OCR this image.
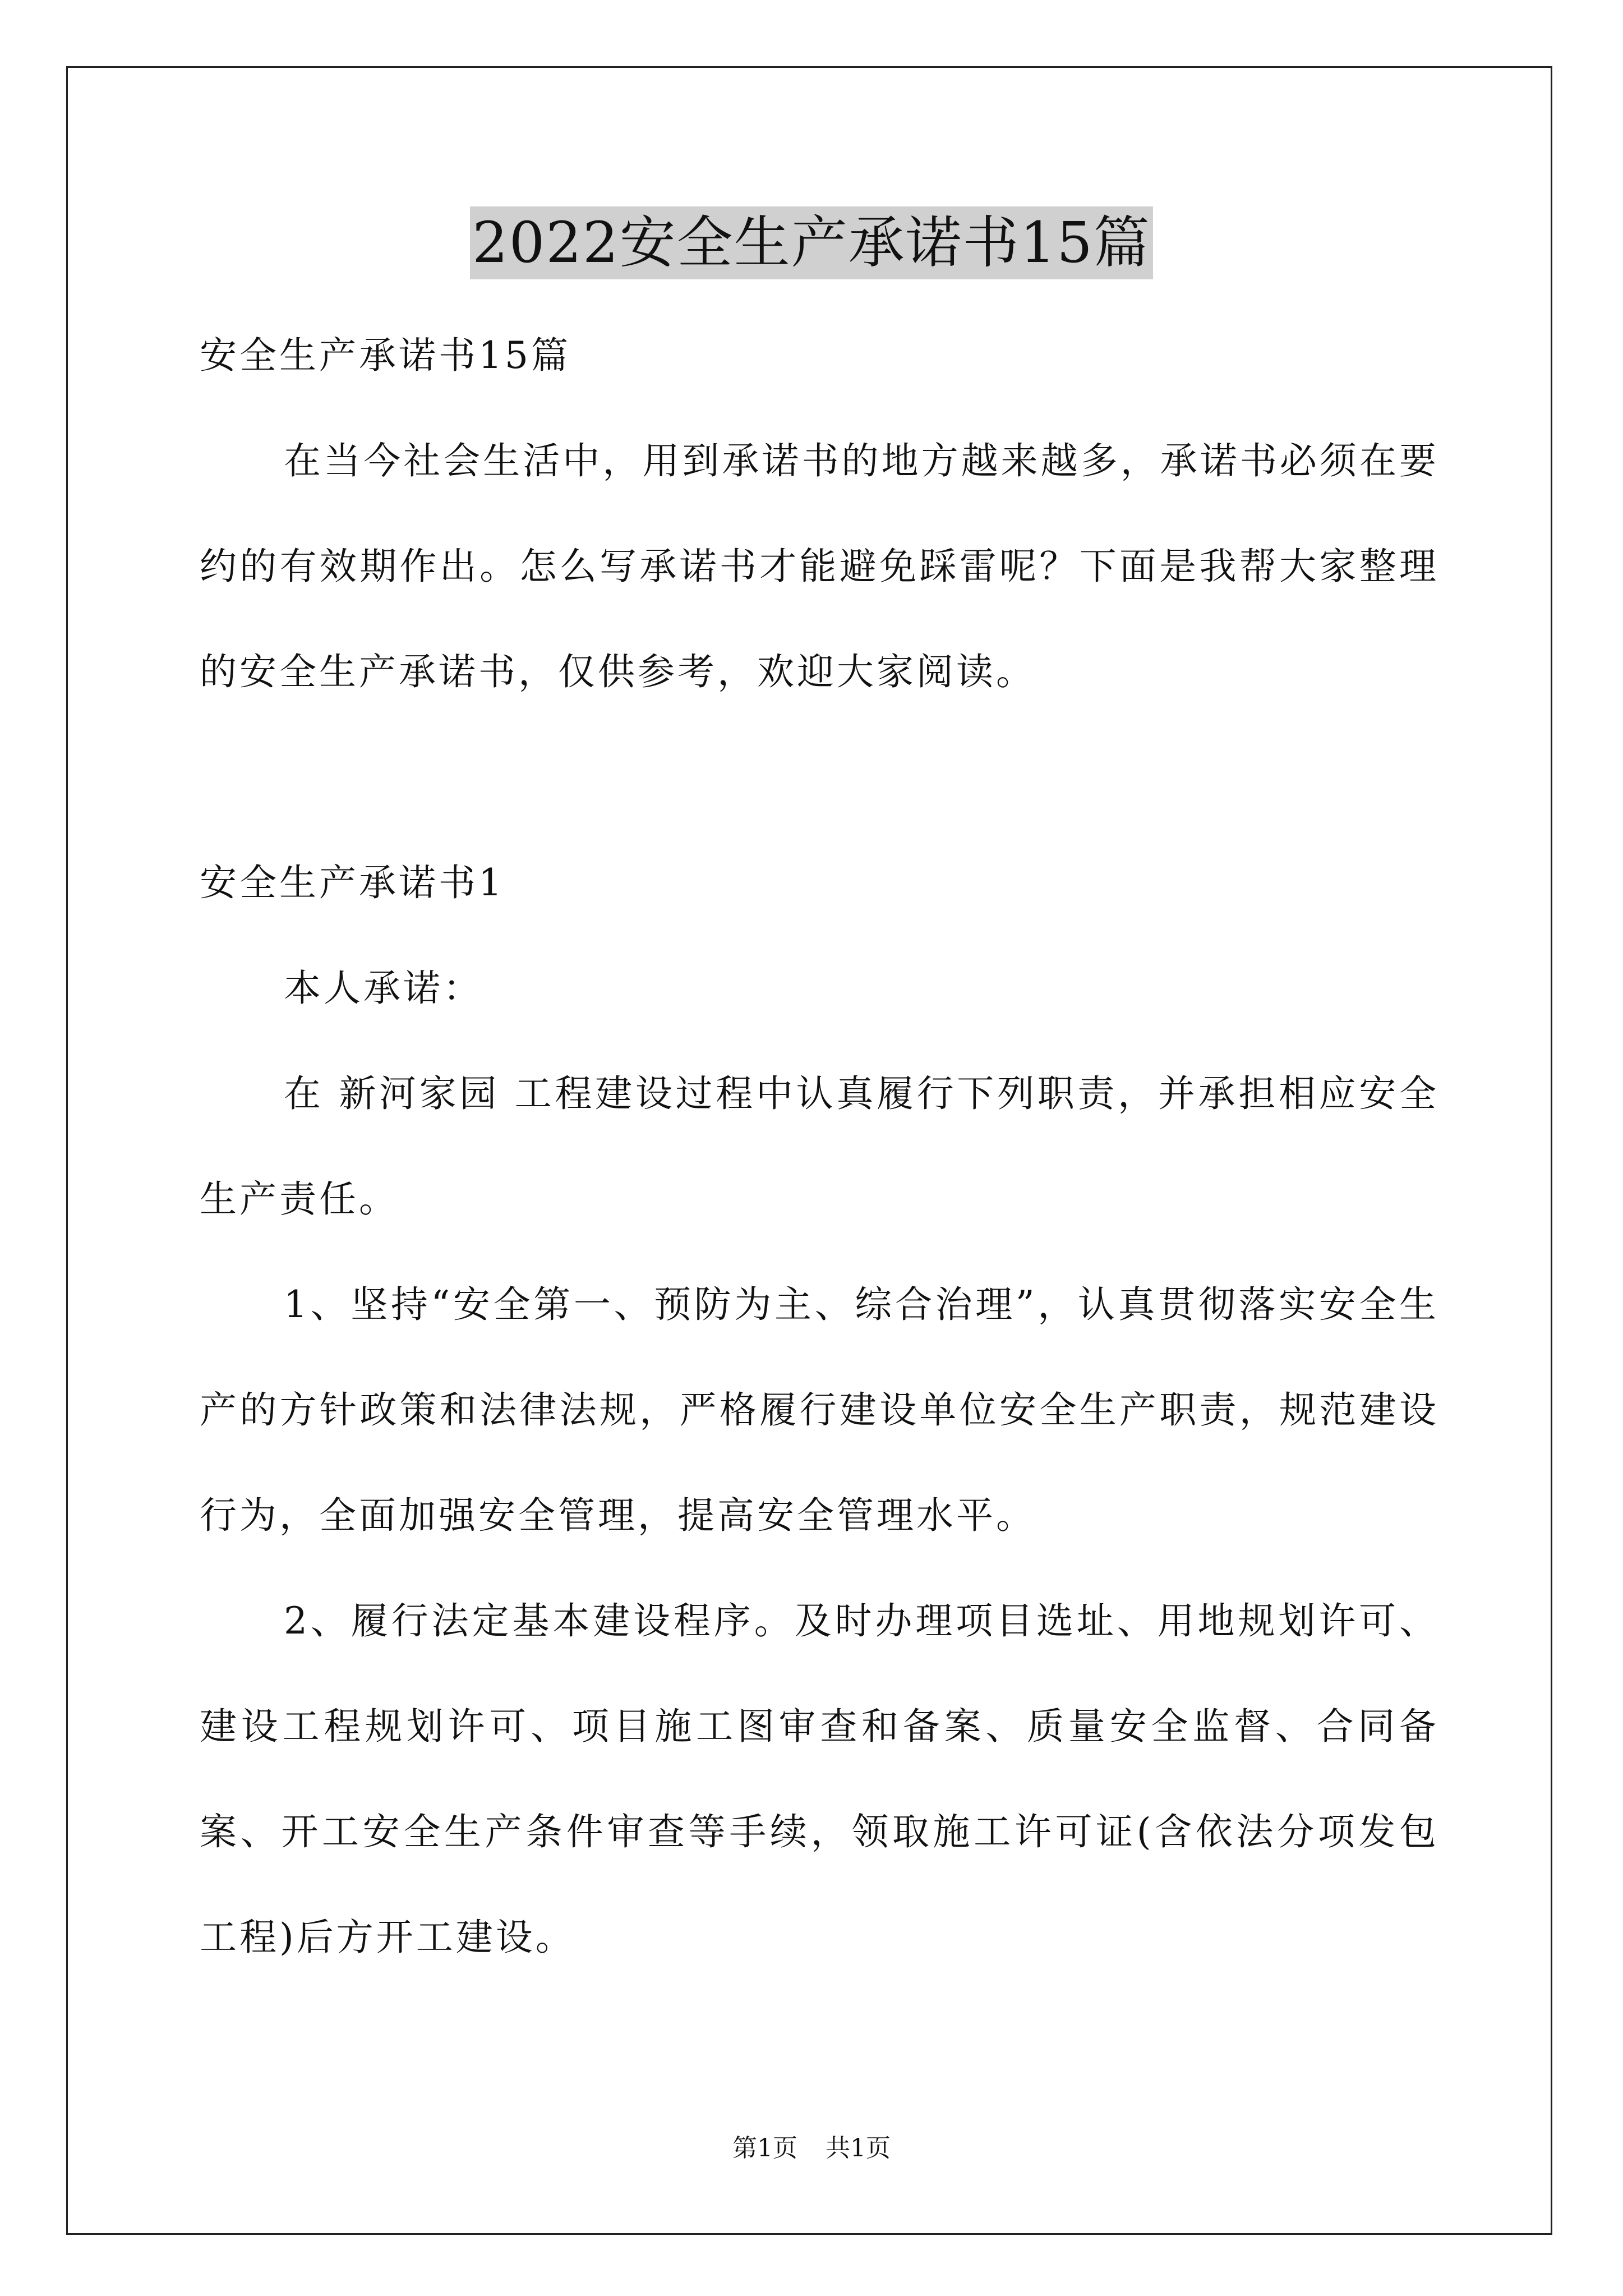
2022安全生产承诺书15篇

安全生产承诺书15篇

在当今社会生活中，用到承诺书的地方越来越多，承诺书必须在要约的有效期作出。怎么写承诺书才能避免踩雷呢？下面是我帮大家整理的安全生产承诺书，仅供参考，欢迎大家阅读。

安全生产承诺书1

本人承诺：

在 新河家园 工程建设过程中认真履行下列职责，并承担相应安全生产责任。

1、坚持“安全第一、预防为主、综合治理”，认真贯彻落实安全生产的方针政策和法律法规，严格履行建设单位安全生产职责，规范建设行为，全面加强安全管理，提高安全管理水平。

2、履行法定基本建设程序。及时办理项目选址、用地规划许可、建设工程规划许可、项目施工图审查和备案、质量安全监督、合同备案、开工安全生产条件审查等手续，领取施工许可证(含依法分项发包工程)后方开工建设。

第1页 共1页
